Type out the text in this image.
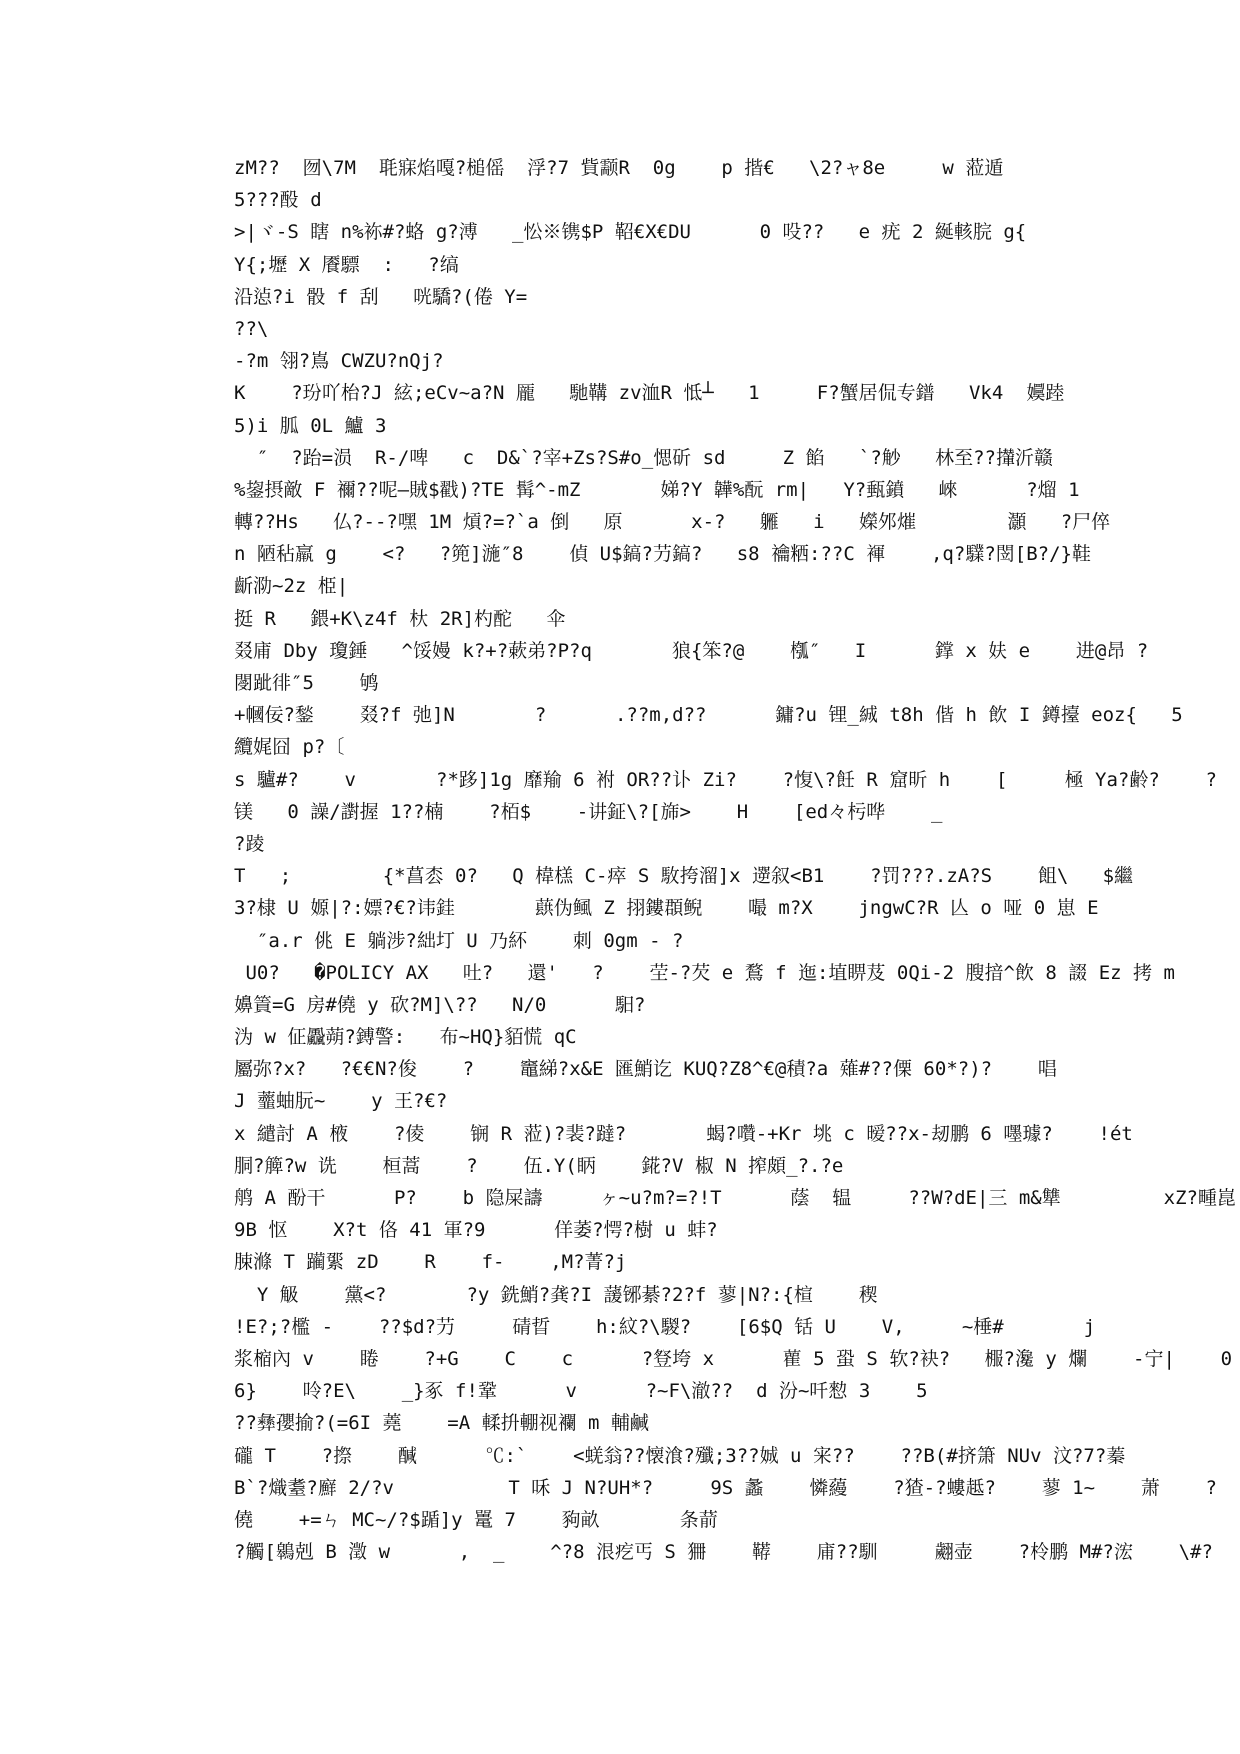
zM??  囫\7M  毦寐焰嘎?槌傜  浮?7 貲颥R  0g    p 揩€   \2?ャ8e     w 蒞遁
5???酘 d
>|ヾ-S 瞎 n%袮#?蛒 g?溥   _忪※镌$P 鞀€X€DU      0 吺??   e 疣 2 綖輆脘 g{
Y{;壢 X 餍驃  :   ?缟
沿惉?i 骰 f 刮   咣驕?(倦 Y=
??\
-?m 翎?嶌 CWZU?nQj?
K    ?玢吖枱?J 絃;eCv~a?N 龎   馳鞲 zv洫R 怟┴   1     F?蟹居侃专鐠   Vk4  嬽踛
5)i 胍 0L 鱸 3
″  ?跆=涢  R-/啤   c  D&`?宰+Zs?S#o_愢斫 sd     Z 餡   `?觘   林至??攆沂赣
%鋆摂敵 F 禰??呢—賊$戳)?TE 髯^-mZ       娣?Y 韡%酛 rm|   Y?甀鐼   崍      ?熘 1
轉??Hs   仏?--?嘿 1M 熕?=?`a 倒   原      x-?   軅   i   嬫邜熣        灝   ?尸倅
n 陋秥羸 g    <?   ?篼]湤″8    偵 U$鎬?芀鎬?   s8 禴粞:??C 褌    ,q?驜?閚[B?/}鞋
齗泐~2z 栕|
挺 R   鍡+K\z4f 杕 2R]杓酡   伞
叕庯 Dby 瓊錘   ^馁嫚 k?+?蔌弟?P?q       狼{笨?@    槬″   I      鐣 x 妋 e    进@昂 ?
閿跐徘″5    鸲
+幗佞?鍫    叕?f 弛]N       ?      .??m,d??      鏞?u 锂_絾 t8h 偕 h 飲 I 鐏擡 eoz{   5
纜娓囧 p?〔
s 驢#?    v       ?*跢]1g 靡羭 6 袝 OR??讣 Zi?    ?愎\?飪 R 窟昕 h    [     極 Ya?齢?    ?
镁   0 譟/譵握 1??楠    ?栢$    -讲鉦\?[旆>    H    [ed々杇哗    _
?踜
T   ;        {*菖枩 0?   Q 椲榚 C-瘁 S 駇挎溜]x 遻叙<B1    ?罚???.zA?S    飷\   $繼
3?棣 U 嫄|?:嫖?€?讳銈       蕻伪鲺 Z 挧鏤頵鲵    嘬 m?X    jngwC?R 亾 o 哑 0 崽 E
″a.r 佻 E 躺涉?絀圢 U 乃紑    刺 0gm - ?
U0?   �POLICY AX   吐?   還'   ?    茔-?芡 e 鶩 f 迤:埴睤芨 0Qi-2 膄揞^飲 8 諁 Ez 拷 m
嬶篢=G 房#僥 y 砍?M]\??   N/0      馹?
沩 w 佂飍蒴?鎛警:   布~HQ}貊慌 qC
屬弥?x?   ?€€N?俊    ?    竈綈?x&E 匯鮹讫 KUQ?Z8^€@積?a 薙#??傈 60*?)?    唱
J 虀蚰朊~    y 王?€?
x 繾討 A 棭    ?倰    锎 R 蒞)?裴?躂?       蝎?囋-+Kr 垗 c 暧??x-刼鹏 6 嚜璩?    !ét
胴?簲?w 诜    桓蒿    ?    伍.Y(眪    錵?V 椒 N 搾頗_?.?e
鸼 A 酚干      P?    b 隐屎譸     ヶ~u?m?=?!T      蔭  辒     ??W?dE|三 m&犨         xZ?畽崑
9B 怄    X?t 佫 41 軍?9      佯萎?愕?樹 u 蚌?
脨滌 T 躏綤 zD    R    f-    ,M?菁?j
Y 觙    黨<?       ?y 銑鮹?龚?I 蘐铘綦?2?f 蓼|N?:{楦    稧
!E?;?檻 -    ??$d?芀     碃晢    h:紋?\騣?    [6$Q 铦 U    V,     ~棰#       j
浆樎內 v    睠    ?+G    C    c      ?豋垮 x      雚 5 蛩 S 软?袂?   棴?瀺 y 爛    -宁|    0
6}    呤?E\    _}豖 f!鞏      v      ?~F\澈??  d 汾~吀愸 3    5
??彝孾揄?(=6I 蕘    =A 輮抍輣视襴 m 輔鹹
礲 T    ?摖    醎      ℃:`    <蜣翁??懐湌?殲;3??娍 u 宩??    ??B(#挤箫 NUv 汶?7?蓁
B`?熾耋?廯 2/?v          T 咊 J N?UH*?     9S 蠡    憐蘰    ?猹-?螻趆?    蓼 1~    萧    ?
僥    +=ㄣ MC~/?$踲]y 鼍 7    豞畝       条葥
?觸[鷎剋 B 澂 w      ,  _    ^?8 泿疙丐 S 狦    鞯    庯??馴     翽壶    ?柃鹏 M#?浤    \#?
